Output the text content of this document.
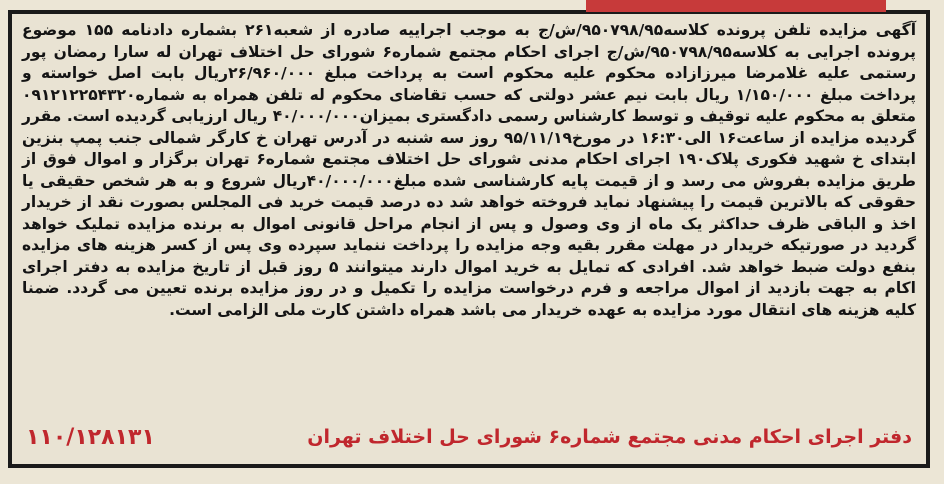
آگهی مزایده تلفن پرونده کلاسه۹۵۰۷۹۸/۹۵/ش/ج به موجب اجراییه صادره از شعبه۲۶۱ بشماره دادنامه ۱۵۵ موضوع پرونده اجرایی به کلاسه۹۵۰۷۹۸/۹۵/ش/ج اجرای احکام مجتمع شماره۶ شورای حل اختلاف تهران له سارا رمضان پور رستمی علیه غلامرضا میرزازاده محکوم علیه محکوم است به پرداخت مبلغ ۲۶/۹۶۰/۰۰۰ریال بابت اصل خواسته و پرداخت مبلغ ۱/۱۵۰/۰۰۰ ریال بابت نیم عشر دولتی که حسب تقاضای محکوم له تلفن همراه به شماره۰۹۱۲۱۲۲۵۴۳۲۰ متعلق به محکوم علیه توقیف و توسط کارشناس رسمی دادگستری بمیزان۴۰/۰۰۰/۰۰۰ ریال ارزیابی گردیده است. مقرر گردیده مزایده از ساعت۱۶ الی۱۶:۳۰ در مورخ۹۵/۱۱/۱۹ روز سه شنبه در آدرس تهران خ کارگر شمالی جنب پمپ بنزین ابتدای خ شهید فکوری پلاک۱۹۰ اجرای احکام مدنی شورای حل اختلاف مجتمع شماره۶ تهران برگزار و اموال فوق از طریق مزایده بفروش می رسد و از قیمت پایه کارشناسی شده مبلغ۴۰/۰۰۰/۰۰۰ریال شروع و به هر شخص حقیقی یا حقوقی که بالاترین قیمت را پیشنهاد نماید فروخته خواهد شد ده درصد قیمت خرید فی المجلس بصورت نقد از خریدار اخذ و الباقی ظرف حداکثر یک ماه از وی وصول و پس از انجام مراحل قانونی اموال به برنده مزایده تملیک خواهد گردید در صورتیکه خریدار در مهلت مقرر بقیه وجه مزایده را پرداخت ننماید سپرده وی پس از کسر هزینه های مزایده بنفع دولت ضبط خواهد شد. افرادی که تمایل به خرید اموال دارند میتوانند ۵ روز قبل از تاریخ مزایده به دفتر اجرای اکام به جهت بازدید از اموال مراجعه و فرم درخواست مزایده را تکمیل و در روز مزایده برنده تعیین می گردد. ضمنا کلیه هزینه های انتقال مورد مزایده به عهده خریدار می باشد همراه داشتن کارت ملی الزامی است.

۱۱۰/۱۲۸۱۳۱	دفتر اجرای احکام مدنی مجتمع شماره۶ شورای حل اختلاف تهران
